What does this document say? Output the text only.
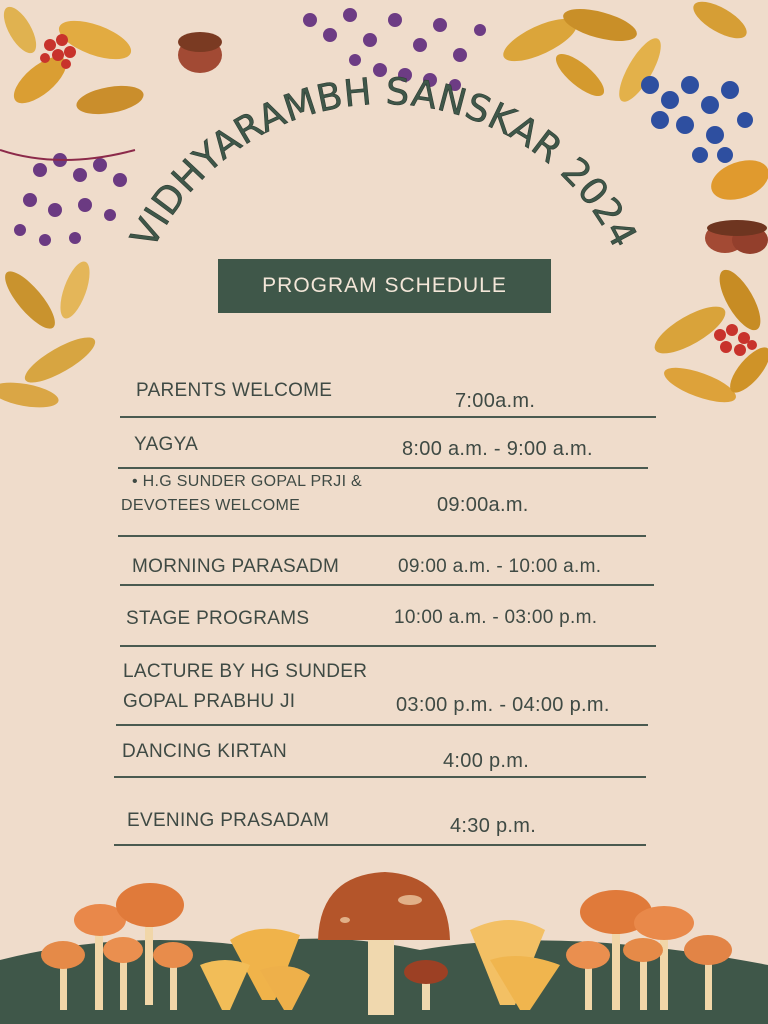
VIDHYARAMBH SANSKAR 2024
PROGRAM SCHEDULE
PARENTS WELCOME	7:00a.m.
YAGYA	8:00 a.m. - 9:00 a.m.
• H.G SUNDER GOPAL PRJI &
DEVOTEES WELCOME	09:00a.m.
MORNING PARASADM	09:00 a.m. - 10:00 a.m.
STAGE PROGRAMS	10:00 a.m. - 03:00 p.m.
LACTURE BY HG SUNDER
GOPAL PRABHU JI	03:00 p.m. - 04:00 p.m.
DANCING KIRTAN	4:00 p.m.
EVENING PRASADAM	4:30 p.m.
